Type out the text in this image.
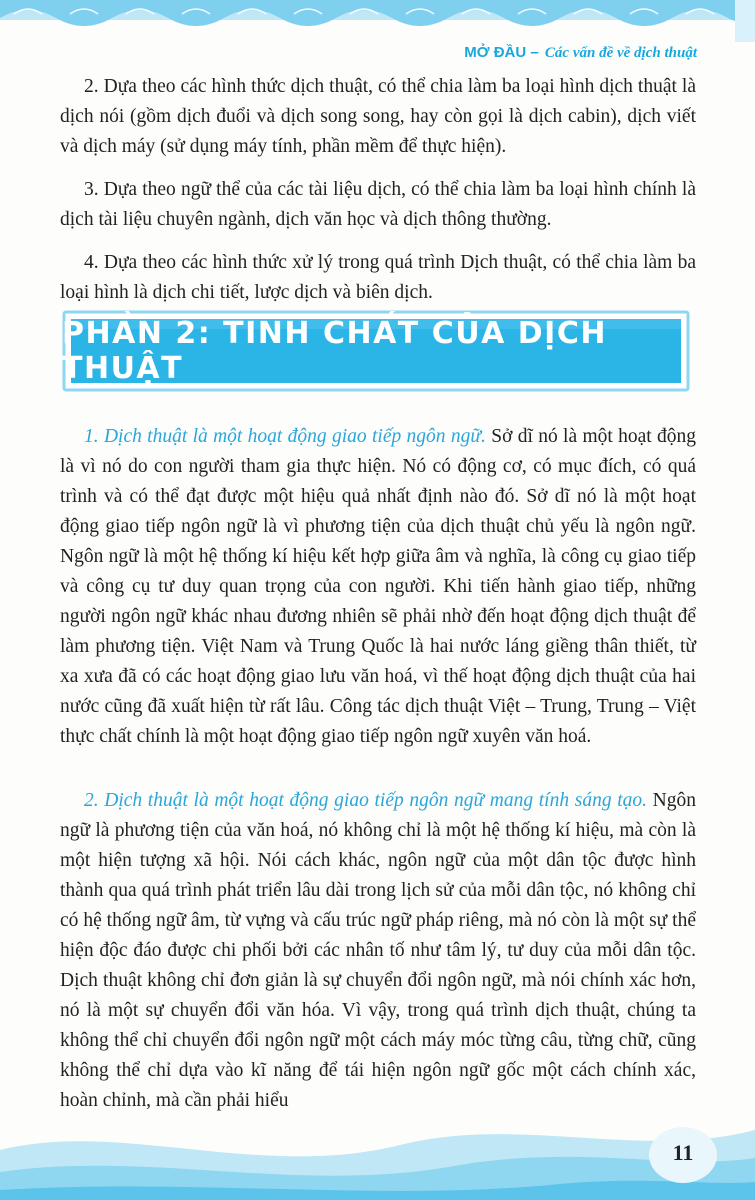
MỞ ĐẦU – Các vấn đề về dịch thuật

2. Dựa theo các hình thức dịch thuật, có thể chia làm ba loại hình dịch thuật là dịch nói (gồm dịch đuổi và dịch song song, hay còn gọi là dịch cabin), dịch viết và dịch máy (sử dụng máy tính, phần mềm để thực hiện).

3. Dựa theo ngữ thể của các tài liệu dịch, có thể chia làm ba loại hình chính là dịch tài liệu chuyên ngành, dịch văn học và dịch thông thường.

4. Dựa theo các hình thức xử lý trong quá trình Dịch thuật, có thể chia làm ba loại hình là dịch chi tiết, lược dịch và biên dịch.

PHẦN 2: TÍNH CHẤT CỦA DỊCH THUẬT

1. Dịch thuật là một hoạt động giao tiếp ngôn ngữ. Sở dĩ nó là một hoạt động là vì nó do con người tham gia thực hiện. Nó có động cơ, có mục đích, có quá trình và có thể đạt được một hiệu quả nhất định nào đó. Sở dĩ nó là một hoạt động giao tiếp ngôn ngữ là vì phương tiện của dịch thuật chủ yếu là ngôn ngữ. Ngôn ngữ là một hệ thống kí hiệu kết hợp giữa âm và nghĩa, là công cụ giao tiếp và công cụ tư duy quan trọng của con người. Khi tiến hành giao tiếp, những người ngôn ngữ khác nhau đương nhiên sẽ phải nhờ đến hoạt động dịch thuật để làm phương tiện. Việt Nam và Trung Quốc là hai nước láng giềng thân thiết, từ xa xưa đã có các hoạt động giao lưu văn hoá, vì thế hoạt động dịch thuật của hai nước cũng đã xuất hiện từ rất lâu. Công tác dịch thuật Việt – Trung, Trung – Việt thực chất chính là một hoạt động giao tiếp ngôn ngữ xuyên văn hoá.

2. Dịch thuật là một hoạt động giao tiếp ngôn ngữ mang tính sáng tạo. Ngôn ngữ là phương tiện của văn hoá, nó không chỉ là một hệ thống kí hiệu, mà còn là một hiện tượng xã hội. Nói cách khác, ngôn ngữ của một dân tộc được hình thành qua quá trình phát triển lâu dài trong lịch sử của mỗi dân tộc, nó không chỉ có hệ thống ngữ âm, từ vựng và cấu trúc ngữ pháp riêng, mà nó còn là một sự thể hiện độc đáo được chi phối bởi các nhân tố như tâm lý, tư duy của mỗi dân tộc. Dịch thuật không chỉ đơn giản là sự chuyển đổi ngôn ngữ, mà nói chính xác hơn, nó là một sự chuyển đổi văn hóa. Vì vậy, trong quá trình dịch thuật, chúng ta không thể chỉ chuyển đổi ngôn ngữ một cách máy móc từng câu, từng chữ, cũng không thể chỉ dựa vào kĩ năng để tái hiện ngôn ngữ gốc một cách chính xác, hoàn chỉnh, mà cần phải hiểu

11
